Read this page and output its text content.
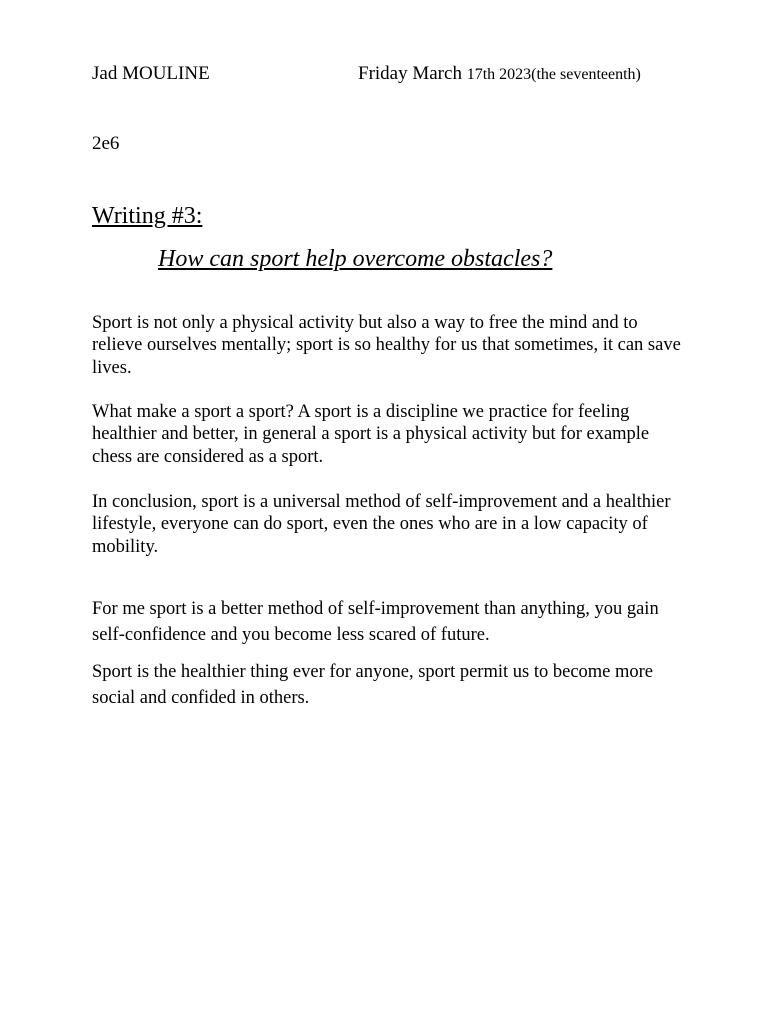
Jad MOULINE	Friday March 17th 2023(the seventeenth)
2e6
Writing #3:
How can sport help overcome obstacles?

Sport is not only a physical activity but also a way to free the mind and to relieve ourselves mentally; sport is so healthy for us that sometimes, it can save lives.

What make a sport a sport? A sport is a discipline we practice for feeling healthier and better, in general a sport is a physical activity but for example chess are considered as a sport.

In conclusion, sport is a universal method of self-improvement and a healthier lifestyle, everyone can do sport, even the ones who are in a low capacity of mobility.

For me sport is a better method of self-improvement than anything, you gain self-confidence and you become less scared of future.

Sport is the healthier thing ever for anyone, sport permit us to become more social and confided in others.
